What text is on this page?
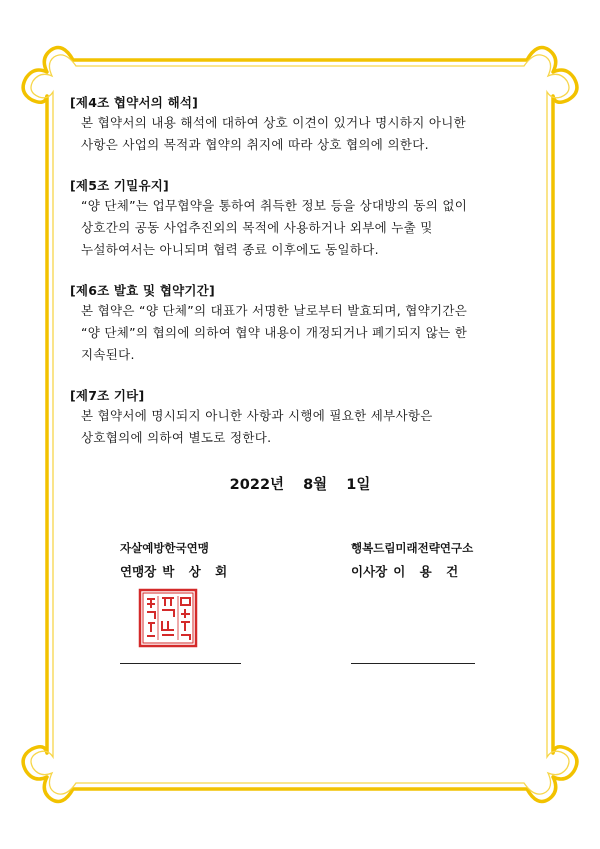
[제4조 협약서의 해석]
본 협약서의 내용 해석에 대하여 상호 이견이 있거나 명시하지 아니한
사항은 사업의 목적과 협약의 취지에 따라 상호 협의에 의한다.
[제5조 기밀유지]
“양 단체”는 업무협약을 통하여 취득한 정보 등을 상대방의 동의 없이
상호간의 공동 사업추진외의 목적에 사용하거나 외부에 누출 및
누설하여서는 아니되며 협력 종료 이후에도 동일하다.
[제6조 발효 및 협약기간]
본 협약은 “양 단체”의 대표가 서명한 날로부터 발효되며, 협약기간은
“양 단체”의 협의에 의하여 협약 내용이 개정되거나 폐기되지 않는 한
지속된다.
[제7조 기타]
본 협약서에 명시되지 아니한 사항과 시행에 필요한 세부사항은
상호협의에 의하여 별도로 정한다.
2022년 8월 1일
자살예방한국연맹
연맹장 박 상 회
행복드림미래전략연구소
이사장 이 용 건
